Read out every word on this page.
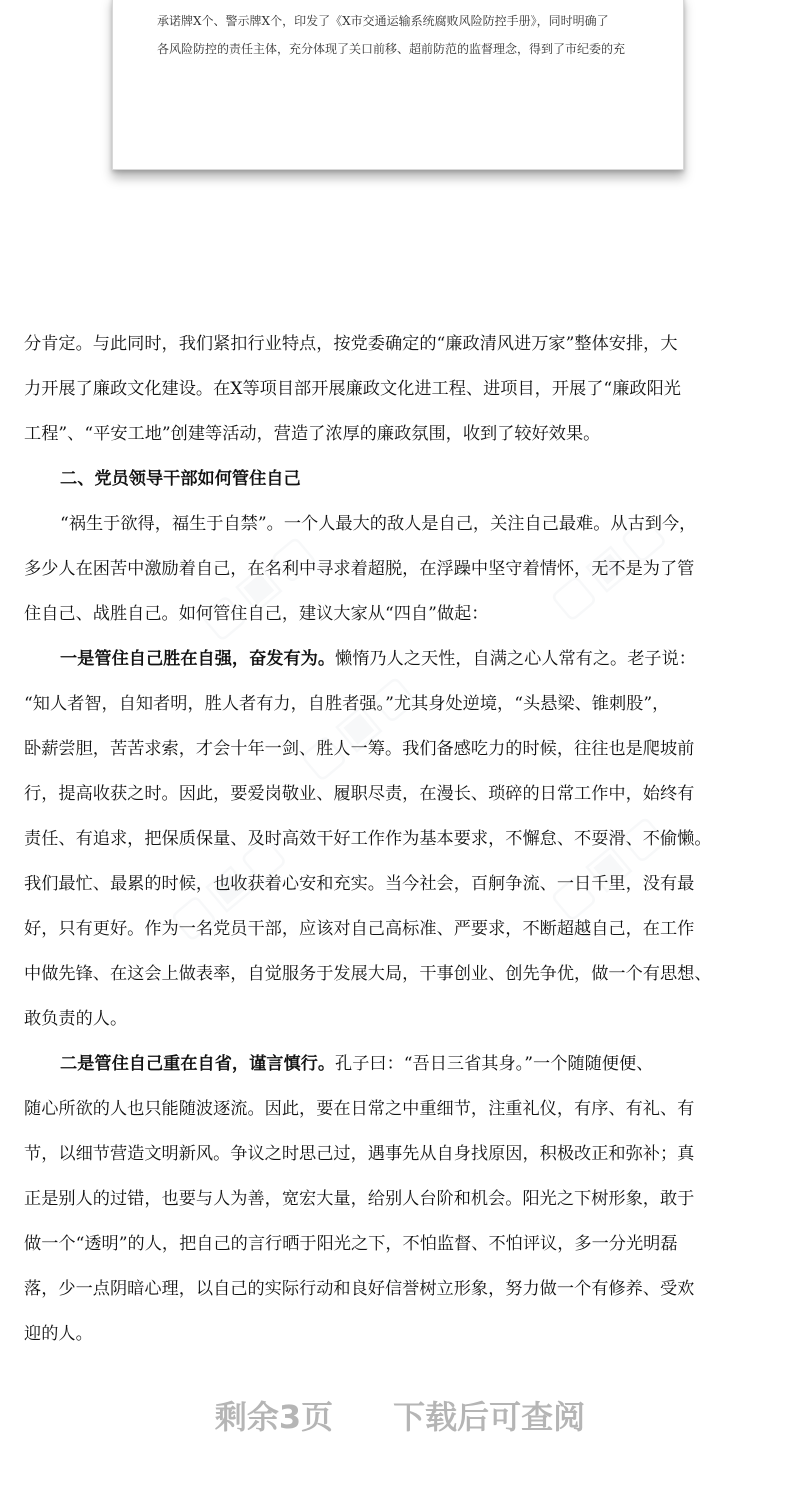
承诺牌X个、警示牌X个，印发了《X市交通运输系统腐败风险防控手册》，同时明确了
各风险防控的责任主体，充分体现了关口前移、超前防范的监督理念，得到了市纪委的充
▢▣▢	▢▣▢
▢▣▢
▢▣▢	▢▣▢

分肯定。与此同时，我们紧扣行业特点，按党委确定的“廉政清风进万家”整体安排，大

力开展了廉政文化建设。在X等项目部开展廉政文化进工程、进项目，开展了“廉政阳光

工程”、“平安工地”创建等活动，营造了浓厚的廉政氛围，收到了较好效果。

二、党员领导干部如何管住自己

“祸生于欲得，福生于自禁”。一个人最大的敌人是自己，关注自己最难。从古到今，

多少人在困苦中激励着自己，在名利中寻求着超脱，在浮躁中坚守着情怀，无不是为了管

住自己、战胜自己。如何管住自己，建议大家从“四自”做起：

一是管住自己胜在自强，奋发有为。懒惰乃人之天性，自满之心人常有之。老子说：

“知人者智，自知者明，胜人者有力，自胜者强。”尤其身处逆境，“头悬梁、锥刺股”，

卧薪尝胆，苦苦求索，才会十年一剑、胜人一筹。我们备感吃力的时候，往往也是爬坡前

行，提高收获之时。因此，要爱岗敬业、履职尽责，在漫长、琐碎的日常工作中，始终有

责任、有追求，把保质保量、及时高效干好工作作为基本要求，不懈怠、不耍滑、不偷懒。

我们最忙、最累的时候，也收获着心安和充实。当今社会，百舸争流、一日千里，没有最

好，只有更好。作为一名党员干部，应该对自己高标准、严要求，不断超越自己，在工作

中做先锋、在这会上做表率，自觉服务于发展大局，干事创业、创先争优，做一个有思想、

敢负责的人。

二是管住自己重在自省，谨言慎行。孔子曰：“吾日三省其身。”一个随随便便、

随心所欲的人也只能随波逐流。因此，要在日常之中重细节，注重礼仪，有序、有礼、有

节，以细节营造文明新风。争议之时思己过，遇事先从自身找原因，积极改正和弥补；真

正是别人的过错，也要与人为善，宽宏大量，给别人台阶和机会。阳光之下树形象，敢于

做一个“透明”的人，把自己的言行晒于阳光之下，不怕监督、不怕评议，多一分光明磊

落，少一点阴暗心理，以自己的实际行动和良好信誉树立形象，努力做一个有修养、受欢

迎的人。

剩余3页 下载后可查阅
